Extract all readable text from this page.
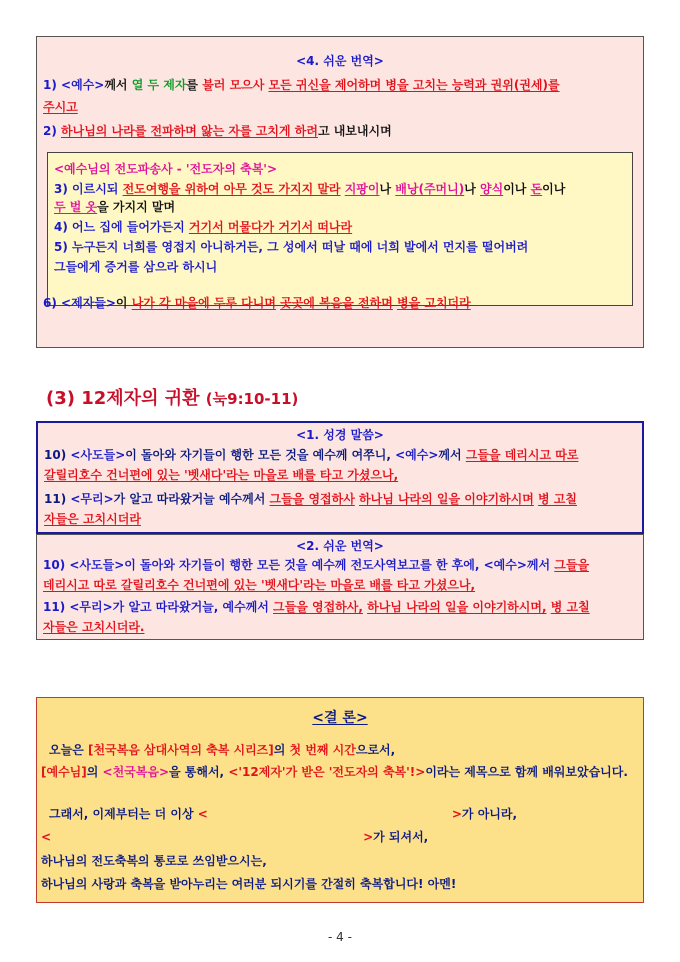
<4. 쉬운 번역>
1) <예수>께서 열 두 제자를 불러 모으사 모든 귀신을 제어하며 병을 고치는 능력과 권위(권세)를
주시고
2) 하나님의 나라를 전파하며 앓는 자를 고치게 하려고 내보내시며
<예수님의 전도파송사 - '전도자의 축복'>
3) 이르시되 전도여행을 위하여 아무 것도 가지지 말라 지팡이나 배낭(주머니)나 양식이나 돈이나
두 벌 옷을 가지지 말며
4) 어느 집에 들어가든지 거기서 머물다가 거기서 떠나라
5) 누구든지 너희를 영접지 아니하거든, 그 성에서 떠날 때에 너희 발에서 먼지를 떨어버려
그들에게 증거를 삼으라 하시니
6) <제자들>이 나가 각 마을에 두루 다니며 곳곳에 복음을 전하며 병을 고치더라
(3) 12제자의 귀환 (눅9:10-11)
<1. 성경 말씀>
10) <사도들>이 돌아와 자기들이 행한 모든 것을 예수께 여쭈니, <예수>께서 그들을 데리시고 따로
갈릴리호수 건너편에 있는 '벳새다'라는 마을로 배를 타고 가셨으나,
11) <무리>가 알고 따라왔거늘 예수께서 그들을 영접하사 하나님 나라의 일을 이야기하시며 병 고칠
자들은 고치시더라
<2. 쉬운 번역>
10) <사도들>이 돌아와 자기들이 행한 모든 것을 예수께 전도사역보고를 한 후에, <예수>께서 그들을
데리시고 따로 갈릴리호수 건너편에 있는 '벳새다'라는 마을로 배를 타고 가셨으나,
11) <무리>가 알고 따라왔거늘, 예수께서 그들을 영접하사, 하나님 나라의 일을 이야기하시며, 병 고칠
자들은 고치시더라.
<결 론>
오늘은 [천국복음 삼대사역의 축복 시리즈]의 첫 번째 시간으로서,
[예수님]의 <천국복음>을 통해서, <'12제자'가 받은 '전도자의 축복'!>이라는 제목으로 함께 배워보았습니다.
그래서, 이제부터는 더 이상 <	>가 아니라,
<	>가 되셔서,
하나님의 전도축복의 통로로 쓰임받으시는,
하나님의 사랑과 축복을 받아누리는 여러분 되시기를 간절히 축복합니다! 아멘!
- 4 -
